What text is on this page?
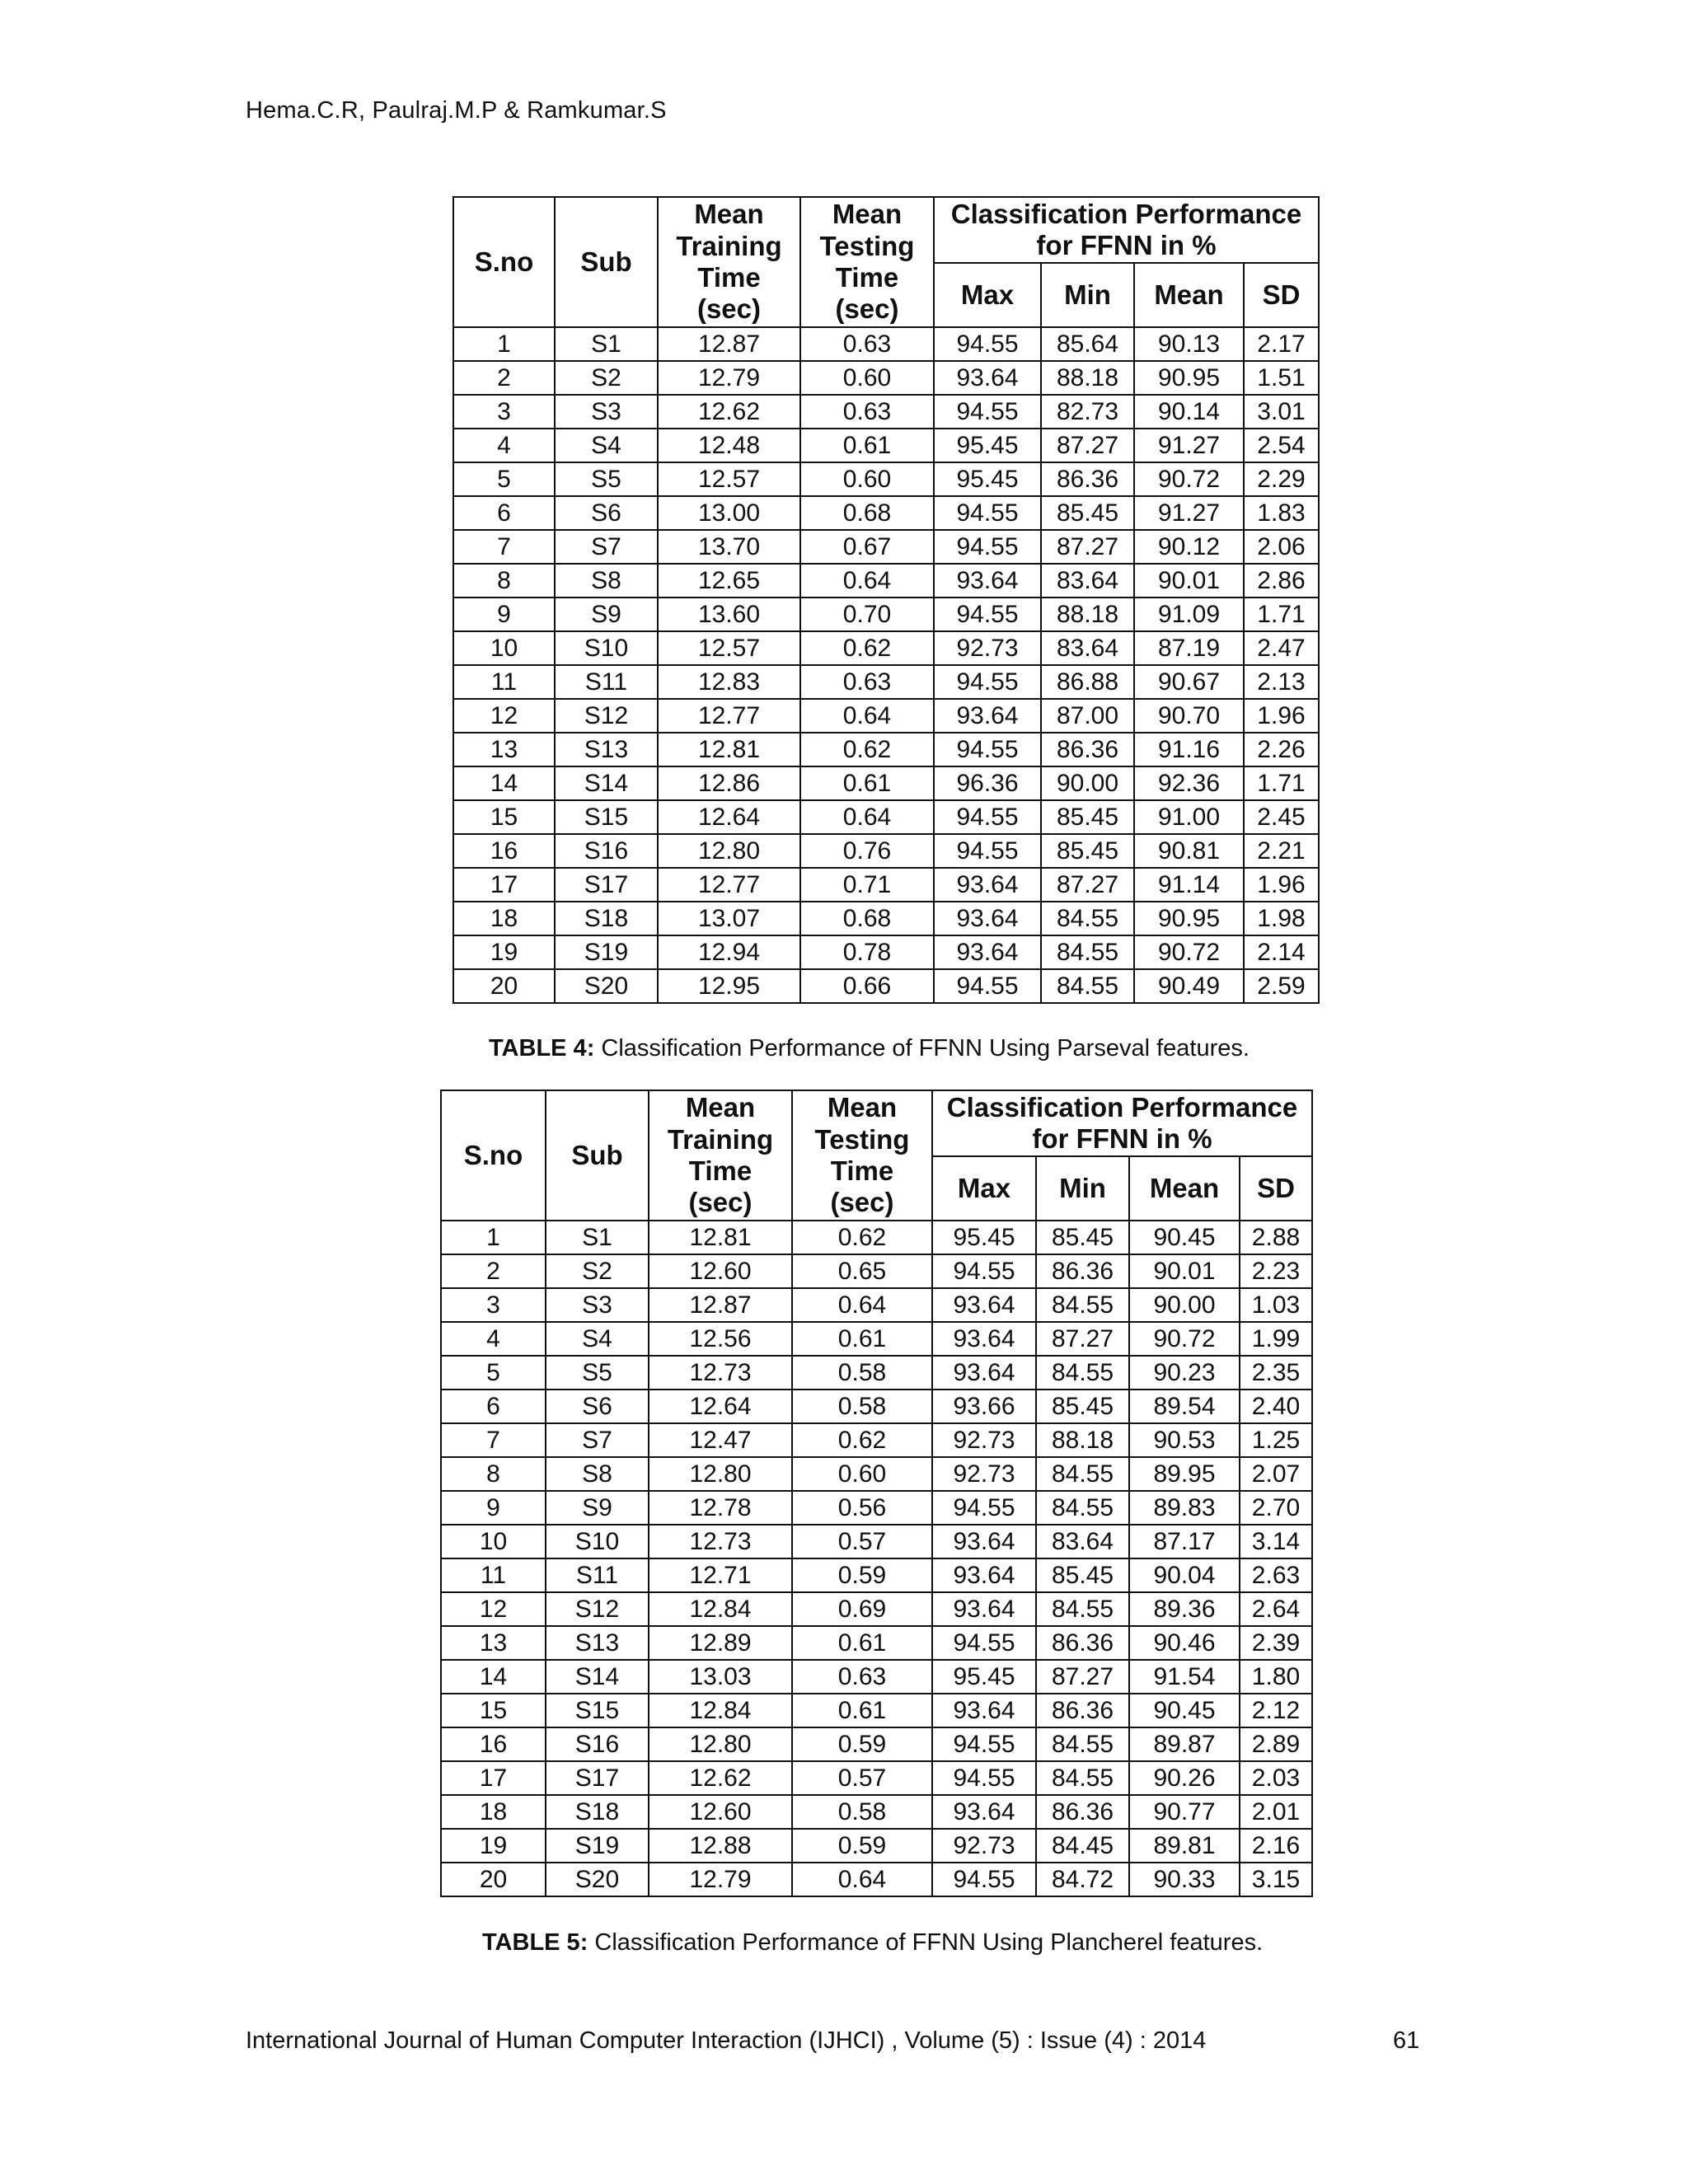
Hema.C.R, Paulraj.M.P & Ramkumar.S
S.no	Sub	Mean
Training
Time
(sec)	Mean
Testing
Time
(sec)	Classification Performance
for FFNN in %			
				Max	Min	Mean	SD
1	S1	12.87	0.63	94.55	85.64	90.13	2.17
2	S2	12.79	0.60	93.64	88.18	90.95	1.51
3	S3	12.62	0.63	94.55	82.73	90.14	3.01
4	S4	12.48	0.61	95.45	87.27	91.27	2.54
5	S5	12.57	0.60	95.45	86.36	90.72	2.29
6	S6	13.00	0.68	94.55	85.45	91.27	1.83
7	S7	13.70	0.67	94.55	87.27	90.12	2.06
8	S8	12.65	0.64	93.64	83.64	90.01	2.86
9	S9	13.60	0.70	94.55	88.18	91.09	1.71
10	S10	12.57	0.62	92.73	83.64	87.19	2.47
11	S11	12.83	0.63	94.55	86.88	90.67	2.13
12	S12	12.77	0.64	93.64	87.00	90.70	1.96
13	S13	12.81	0.62	94.55	86.36	91.16	2.26
14	S14	12.86	0.61	96.36	90.00	92.36	1.71
15	S15	12.64	0.64	94.55	85.45	91.00	2.45
16	S16	12.80	0.76	94.55	85.45	90.81	2.21
17	S17	12.77	0.71	93.64	87.27	91.14	1.96
18	S18	13.07	0.68	93.64	84.55	90.95	1.98
19	S19	12.94	0.78	93.64	84.55	90.72	2.14
20	S20	12.95	0.66	94.55	84.55	90.49	2.59
TABLE 4: Classification Performance of FFNN Using Parseval features.
S.no	Sub	Mean
Training
Time
(sec)	Mean
Testing
Time
(sec)	Classification Performance
for FFNN in %			
				Max	Min	Mean	SD
1	S1	12.81	0.62	95.45	85.45	90.45	2.88
2	S2	12.60	0.65	94.55	86.36	90.01	2.23
3	S3	12.87	0.64	93.64	84.55	90.00	1.03
4	S4	12.56	0.61	93.64	87.27	90.72	1.99
5	S5	12.73	0.58	93.64	84.55	90.23	2.35
6	S6	12.64	0.58	93.66	85.45	89.54	2.40
7	S7	12.47	0.62	92.73	88.18	90.53	1.25
8	S8	12.80	0.60	92.73	84.55	89.95	2.07
9	S9	12.78	0.56	94.55	84.55	89.83	2.70
10	S10	12.73	0.57	93.64	83.64	87.17	3.14
11	S11	12.71	0.59	93.64	85.45	90.04	2.63
12	S12	12.84	0.69	93.64	84.55	89.36	2.64
13	S13	12.89	0.61	94.55	86.36	90.46	2.39
14	S14	13.03	0.63	95.45	87.27	91.54	1.80
15	S15	12.84	0.61	93.64	86.36	90.45	2.12
16	S16	12.80	0.59	94.55	84.55	89.87	2.89
17	S17	12.62	0.57	94.55	84.55	90.26	2.03
18	S18	12.60	0.58	93.64	86.36	90.77	2.01
19	S19	12.88	0.59	92.73	84.45	89.81	2.16
20	S20	12.79	0.64	94.55	84.72	90.33	3.15
TABLE 5: Classification Performance of FFNN Using Plancherel features.
International Journal of Human Computer Interaction (IJHCI) , Volume (5) : Issue (4) : 2014	61
